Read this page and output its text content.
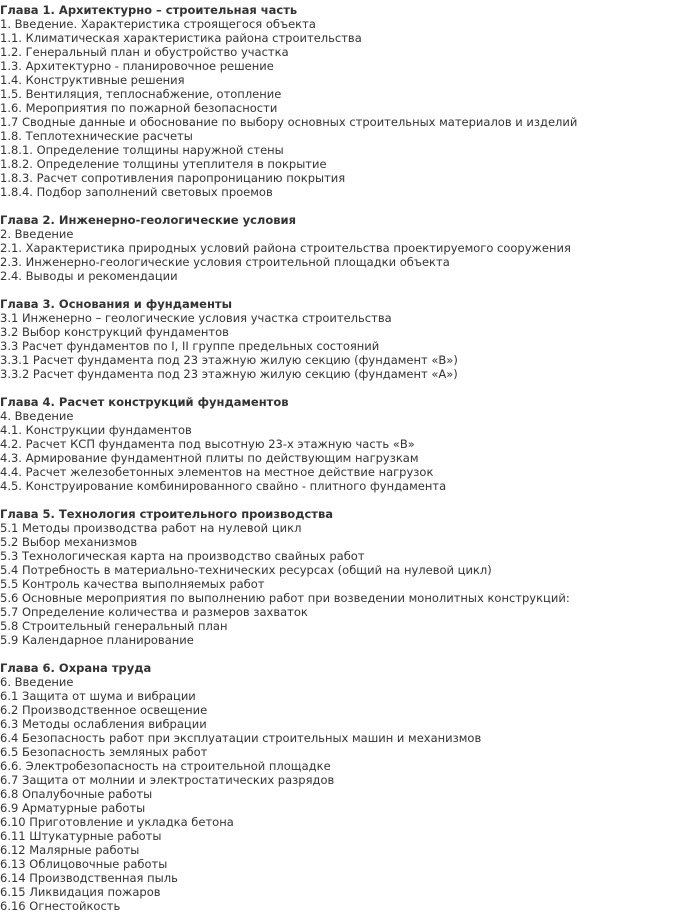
Глава 1. Архитектурно – строительная часть
1. Введение. Характеристика строящегося объекта
1.1. Климатическая характеристика района строительства
1.2. Генеральный план и обустройство участка
1.3. Архитектурно - планировочное решение
1.4. Конструктивные решения
1.5. Вентиляция, теплоснабжение, отопление
1.6. Мероприятия по пожарной безопасности
1.7 Сводные данные и обоснование по выбору основных строительных материалов и изделий
1.8. Теплотехнические расчеты
1.8.1. Определение толщины наружной стены
1.8.2. Определение толщины утеплителя в покрытие
1.8.3. Расчет сопротивления паропроницанию покрытия
1.8.4. Подбор заполнений световых проемов
Глава 2. Инженерно-геологические условия
2. Введение
2.1. Характеристика природных условий района строительства проектируемого сооружения
2.3. Инженерно-геологические условия строительной площадки объекта
2.4. Выводы и рекомендации
Глава 3. Основания и фундаменты
3.1 Инженерно – геологические условия участка строительства
3.2 Выбор конструкций фундаментов
3.3 Расчет фундаментов по I, II группе предельных состояний
3.3.1 Расчет фундамента под 23 этажную жилую секцию (фундамент «В»)
3.3.2 Расчет фундамента под 23 этажную жилую секцию (фундамент «А»)
Глава 4. Расчет конструкций фундаментов
4. Введение
4.1. Конструкции фундаментов
4.2. Расчет КСП фундамента под высотную 23-х этажную часть «В»
4.3. Армирование фундаментной плиты по действующим нагрузкам
4.4. Расчет железобетонных элементов на местное действие нагрузок
4.5. Конструирование комбинированного свайно - плитного фундамента
Глава 5. Технология строительного производства
5.1 Методы производства работ на нулевой цикл
5.2 Выбор механизмов
5.3 Технологическая карта на производство свайных работ
5.4 Потребность в материально-технических ресурсах (общий на нулевой цикл)
5.5 Контроль качества выполняемых работ
5.6 Основные мероприятия по выполнению работ при возведении монолитных конструкций:
5.7 Определение количества и размеров захваток
5.8 Строительный генеральный план
5.9 Календарное планирование
Глава 6. Охрана труда
6. Введение
6.1 Защита от шума и вибрации
6.2 Производственное освещение
6.3 Методы ослабления вибрации
6.4 Безопасность работ при эксплуатации строительных машин и механизмов
6.5 Безопасность земляных работ
6.6. Электробезопасность на строительной площадке
6.7 Защита от молнии и электростатических разрядов
6.8 Опалубочные работы
6.9 Арматурные работы
6.10 Приготовление и укладка бетона
6.11 Штукатурные работы
6.12 Малярные работы
6.13 Облицовочные работы
6.14 Производственная пыль
6.15 Ликвидация пожаров
6.16 Огнестойкость
